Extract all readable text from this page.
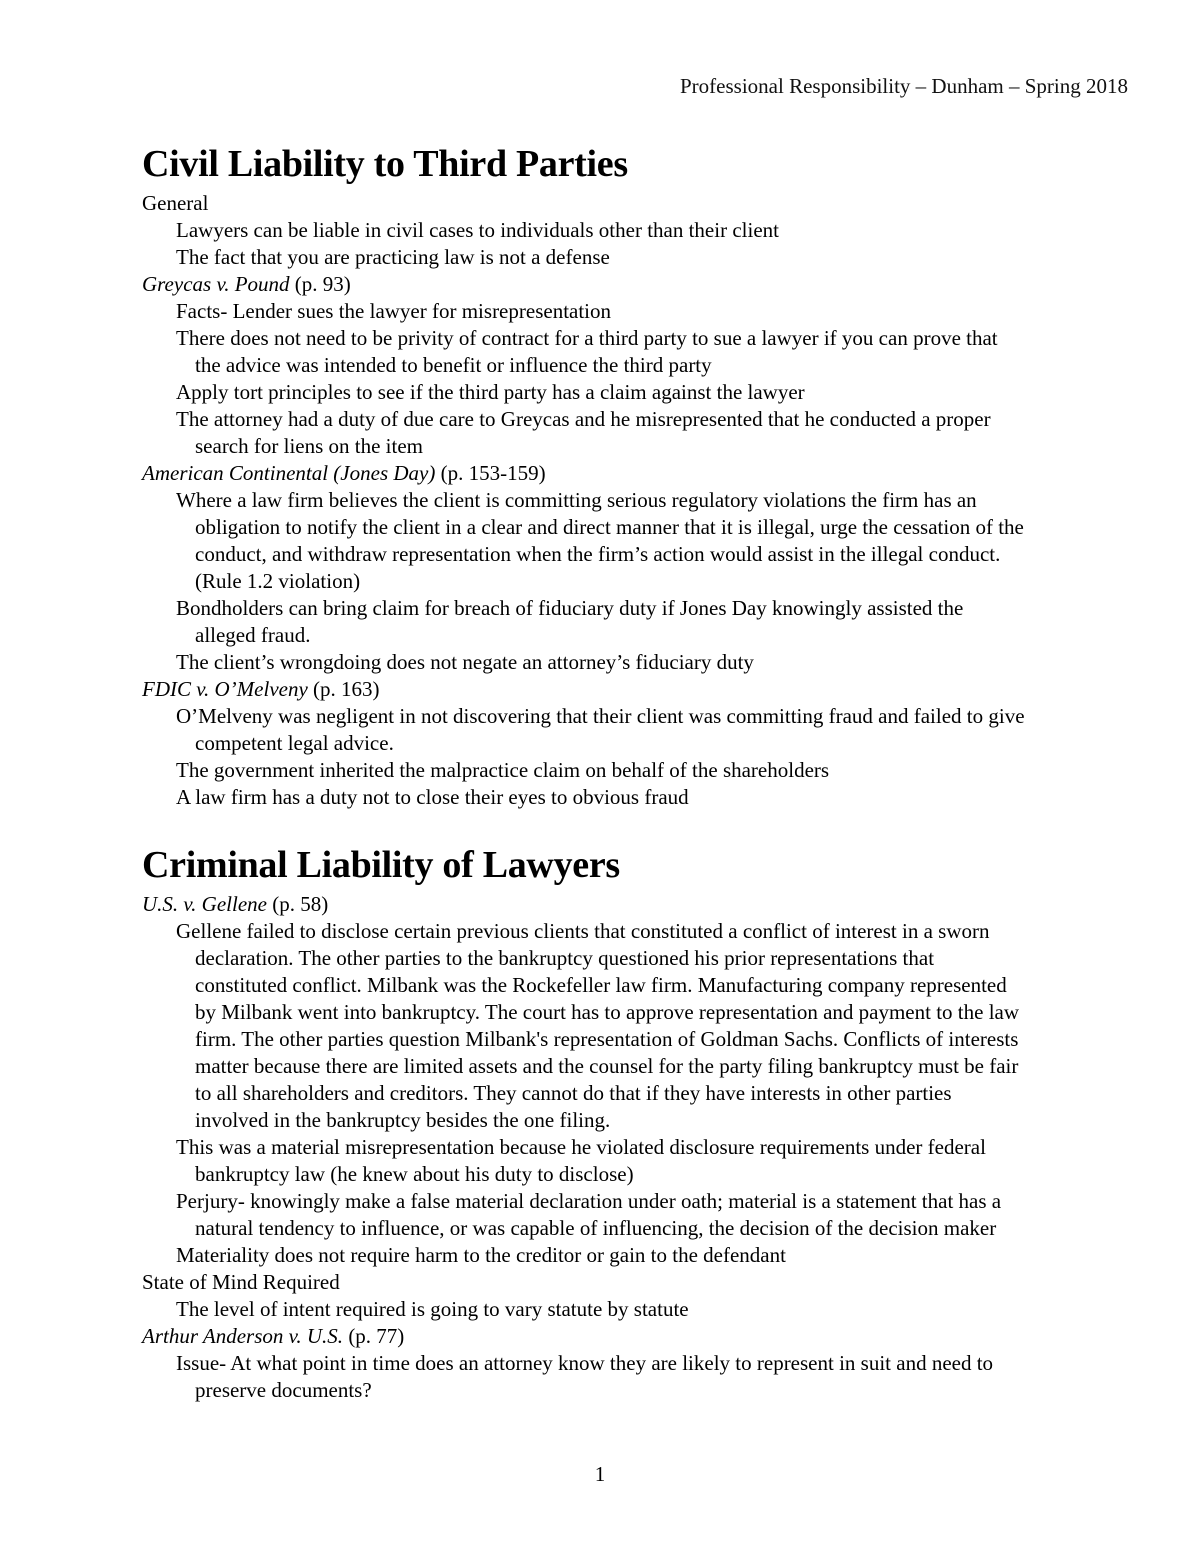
Professional Responsibility – Dunham – Spring 2018
Civil Liability to Third Parties
General
Lawyers can be liable in civil cases to individuals other than their client
The fact that you are practicing law is not a defense
Greycas v. Pound (p. 93)
Facts- Lender sues the lawyer for misrepresentation
There does not need to be privity of contract for a third party to sue a lawyer if you can prove that
the advice was intended to benefit or influence the third party
Apply tort principles to see if the third party has a claim against the lawyer
The attorney had a duty of due care to Greycas and he misrepresented that he conducted a proper
search for liens on the item
American Continental (Jones Day) (p. 153-159)
Where a law firm believes the client is committing serious regulatory violations the firm has an
obligation to notify the client in a clear and direct manner that it is illegal, urge the cessation of the
conduct, and withdraw representation when the firm’s action would assist in the illegal conduct.
(Rule 1.2 violation)
Bondholders can bring claim for breach of fiduciary duty if Jones Day knowingly assisted the
alleged fraud.
The client’s wrongdoing does not negate an attorney’s fiduciary duty
FDIC v. O’Melveny (p. 163)
O’Melveny was negligent in not discovering that their client was committing fraud and failed to give
competent legal advice.
The government inherited the malpractice claim on behalf of the shareholders
A law firm has a duty not to close their eyes to obvious fraud
Criminal Liability of Lawyers
U.S. v. Gellene (p. 58)
Gellene failed to disclose certain previous clients that constituted a conflict of interest in a sworn
declaration. The other parties to the bankruptcy questioned his prior representations that
constituted conflict. Milbank was the Rockefeller law firm. Manufacturing company represented
by Milbank went into bankruptcy. The court has to approve representation and payment to the law
firm. The other parties question Milbank's representation of Goldman Sachs. Conflicts of interests
matter because there are limited assets and the counsel for the party filing bankruptcy must be fair
to all shareholders and creditors. They cannot do that if they have interests in other parties
involved in the bankruptcy besides the one filing.
This was a material misrepresentation because he violated disclosure requirements under federal
bankruptcy law (he knew about his duty to disclose)
Perjury- knowingly make a false material declaration under oath; material is a statement that has a
natural tendency to influence, or was capable of influencing, the decision of the decision maker
Materiality does not require harm to the creditor or gain to the defendant
State of Mind Required
The level of intent required is going to vary statute by statute
Arthur Anderson v. U.S. (p. 77)
Issue- At what point in time does an attorney know they are likely to represent in suit and need to
preserve documents?
1
